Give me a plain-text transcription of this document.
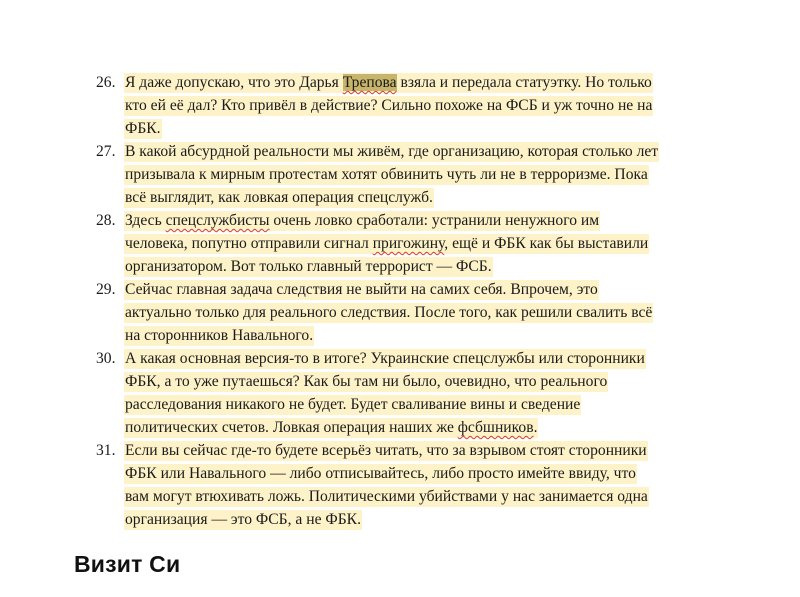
26. Я даже допускаю, что это Дарья Трепова взяла и передала статуэтку. Но только
кто ей её дал? Кто привёл в действие? Сильно похоже на ФСБ и уж точно не на
ФБК.
27. В какой абсурдной реальности мы живём, где организацию, которая столько лет
призывала к мирным протестам хотят обвинить чуть ли не в терроризме. Пока
всё выглядит, как ловкая операция спецслужб.
28. Здесь спецслужбисты очень ловко сработали: устранили ненужного им
человека, попутно отправили сигнал пригожину, ещё и ФБК как бы выставили
организатором. Вот только главный террорист — ФСБ.
29. Сейчас главная задача следствия не выйти на самих себя. Впрочем, это
актуально только для реального следствия. После того, как решили свалить всё
на сторонников Навального.
30. А какая основная версия-то в итоге? Украинские спецслужбы или сторонники
ФБК, а то уже путаешься? Как бы там ни было, очевидно, что реального
расследования никакого не будет. Будет сваливание вины и сведение
политических счетов. Ловкая операция наших же фсбшников.
31. Если вы сейчас где-то будете всерьёз читать, что за взрывом стоят сторонники
ФБК или Навального — либо отписывайтесь, либо просто имейте ввиду, что
вам могут втюхивать ложь. Политическими убийствами у нас занимается одна
организация — это ФСБ, а не ФБК.
Визит Си
